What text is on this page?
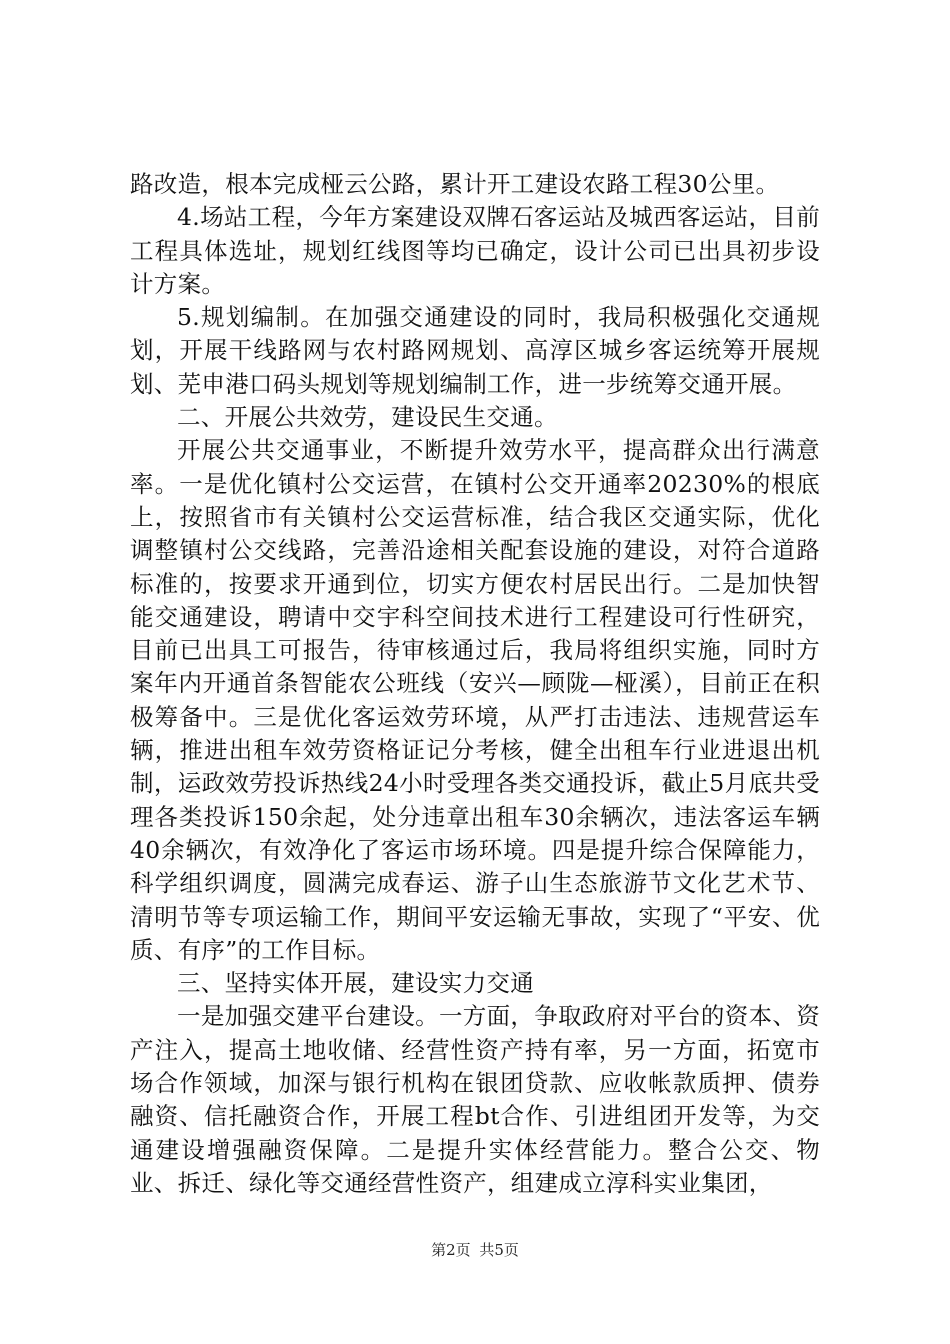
路改造，根本完成桠云公路，累计开工建设农路工程30公里。

4.场站工程，今年方案建设双牌石客运站及城西客运站，目前工程具体选址，规划红线图等均已确定，设计公司已出具初步设计方案。

5.规划编制。在加强交通建设的同时，我局积极强化交通规划，开展干线路网与农村路网规划、高淳区城乡客运统筹开展规划、芜申港口码头规划等规划编制工作，进一步统筹交通开展。

二、开展公共效劳，建设民生交通。

开展公共交通事业，不断提升效劳水平，提高群众出行满意率。一是优化镇村公交运营，在镇村公交开通率20230%的根底上，按照省市有关镇村公交运营标准，结合我区交通实际，优化调整镇村公交线路，完善沿途相关配套设施的建设，对符合道路标准的，按要求开通到位，切实方便农村居民出行。二是加快智能交通建设，聘请中交宇科空间技术进行工程建设可行性研究，目前已出具工可报告，待审核通过后，我局将组织实施，同时方案年内开通首条智能农公班线（安兴—顾陇—桠溪），目前正在积极筹备中。三是优化客运效劳环境，从严打击违法、违规营运车辆，推进出租车效劳资格证记分考核，健全出租车行业进退出机制，运政效劳投诉热线24小时受理各类交通投诉，截止5月底共受理各类投诉150余起，处分违章出租车30余辆次，违法客运车辆40余辆次，有效净化了客运市场环境。四是提升综合保障能力，科学组织调度，圆满完成春运、游子山生态旅游节文化艺术节、清明节等专项运输工作，期间平安运输无事故，实现了“平安、优质、有序”的工作目标。

三、坚持实体开展，建设实力交通

一是加强交建平台建设。一方面，争取政府对平台的资本、资产注入，提高土地收储、经营性资产持有率，另一方面，拓宽市场合作领域，加深与银行机构在银团贷款、应收帐款质押、债券融资、信托融资合作，开展工程bt合作、引进组团开发等，为交通建设增强融资保障。二是提升实体经营能力。整合公交、物业、拆迁、绿化等交通经营性资产，组建成立淳科实业集团，

第2页 共5页
